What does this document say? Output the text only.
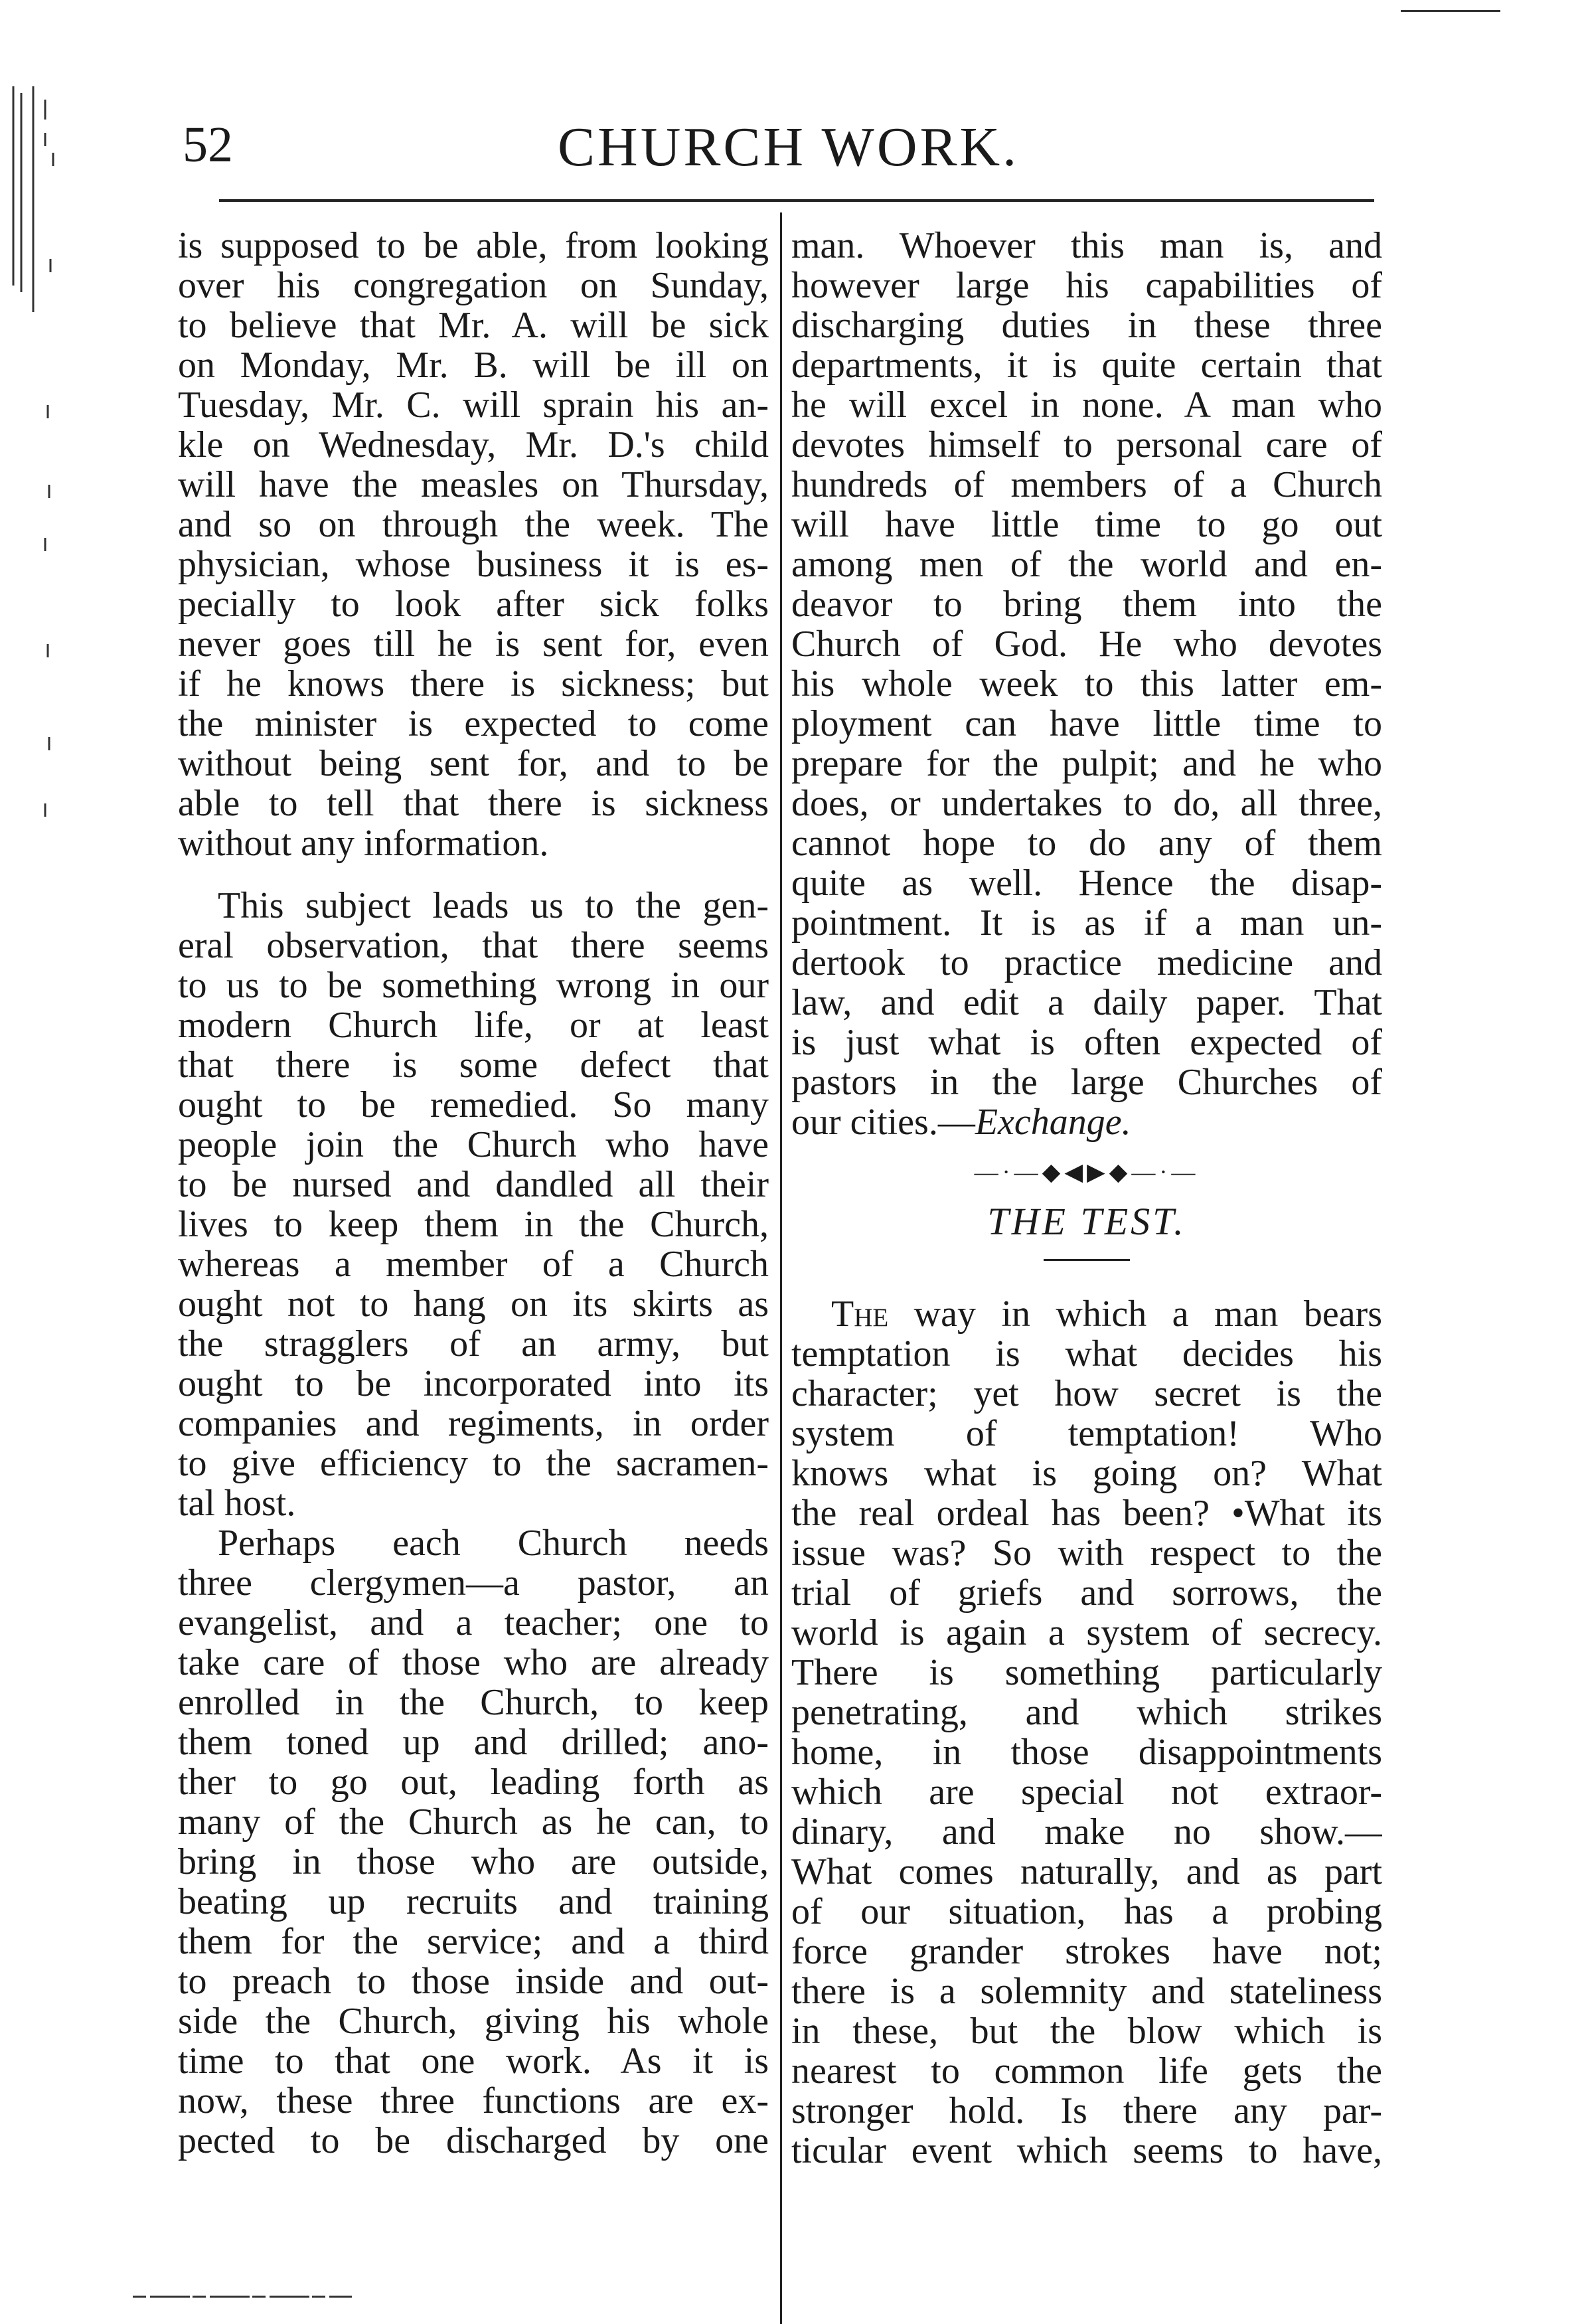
52	CHURCH WORK.
is supposed to be able, from looking
over his congregation on Sunday,
to believe that Mr. A. will be sick
on Monday, Mr. B. will be ill on
Tuesday, Mr. C. will sprain his an-
kle on Wednesday, Mr. D.'s child
will have the measles on Thursday,
and so on through the week. The
physician, whose business it is es-
pecially to look after sick folks
never goes till he is sent for, even
if he knows there is sickness; but
the minister is expected to come
without being sent for, and to be
able to tell that there is sickness
without any information.
This subject leads us to the gen-
eral observation, that there seems
to us to be something wrong in our
modern Church life, or at least
that there is some defect that
ought to be remedied. So many
people join the Church who have
to be nursed and dandled all their
lives to keep them in the Church,
whereas a member of a Church
ought not to hang on its skirts as
the stragglers of an army, but
ought to be incorporated into its
companies and regiments, in order
to give efficiency to the sacramen-
tal host.
Perhaps each Church needs
three clergymen—a pastor, an
evangelist, and a teacher; one to
take care of those who are already
enrolled in the Church, to keep
them toned up and drilled; ano-
ther to go out, leading forth as
many of the Church as he can, to
bring in those who are outside,
beating up recruits and training
them for the service; and a third
to preach to those inside and out-
side the Church, giving his whole
time to that one work. As it is
now, these three functions are ex-
pected to be discharged by one
man. Whoever this man is, and
however large his capabilities of
discharging duties in these three
departments, it is quite certain that
he will excel in none. A man who
devotes himself to personal care of
hundreds of members of a Church
will have little time to go out
among men of the world and en-
deavor to bring them into the
Church of God. He who devotes
his whole week to this latter em-
ployment can have little time to
prepare for the pulpit; and he who
does, or undertakes to do, all three,
cannot hope to do any of them
quite as well. Hence the disap-
pointment. It is as if a man un-
dertook to practice medicine and
law, and edit a daily paper. That
is just what is often expected of
pastors in the large Churches of
our cities.—Exchange.
—·—◆◀▶◆—·—
THE TEST.
The way in which a man bears
temptation is what decides his
character; yet how secret is the
system of temptation! Who
knows what is going on? What
the real ordeal has been? •What its
issue was? So with respect to the
trial of griefs and sorrows, the
world is again a system of secrecy.
There is something particularly
penetrating, and which strikes
home, in those disappointments
which are special not extraor-
dinary, and make no show.—
What comes naturally, and as part
of our situation, has a probing
force grander strokes have not;
there is a solemnity and stateliness
in these, but the blow which is
nearest to common life gets the
stronger hold. Is there any par-
ticular event which seems to have,
